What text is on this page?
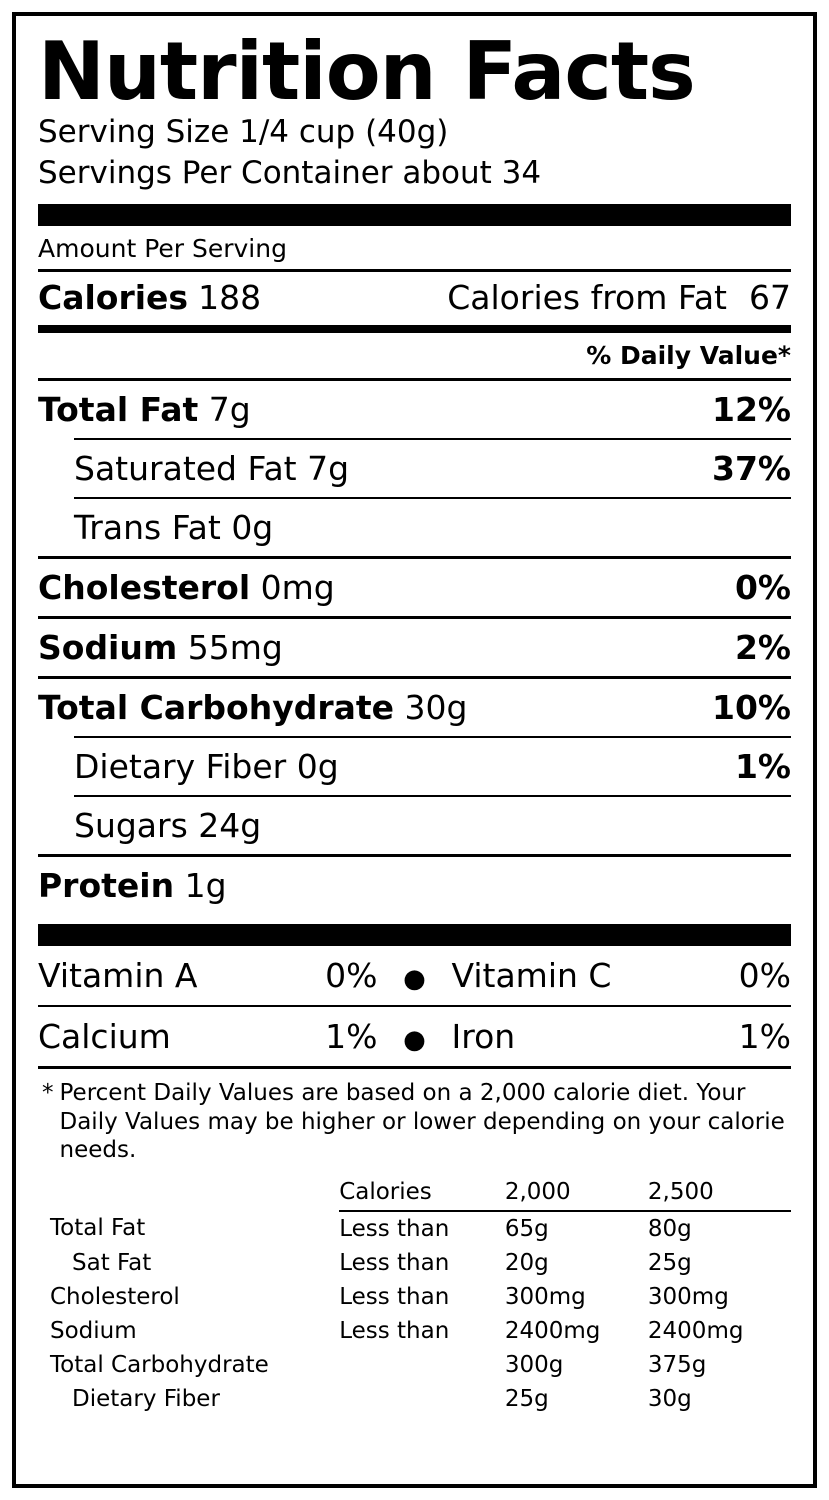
Nutrition Facts
Serving Size 1/4 cup (40g)
Servings Per Container about 34
Amount Per Serving
Calories 188	Calories from Fat 67
% Daily Value*
Total Fat 7g	12%
Saturated Fat 7g	37%
Trans Fat 0g
Cholesterol 0mg	0%
Sodium 55mg	2%
Total Carbohydrate 30g	10%
Dietary Fiber 0g	1%
Sugars 24g
Protein 1g
Vitamin A	0% ● Vitamin C	0%
Calcium	1% ● Iron	1%
* Percent Daily Values are based on a 2,000 calorie diet. Your Daily Values may be higher or lower depending on your calorie needs.
	Calories	2,000	2,500
Total Fat	Less than	65g	80g
Sat Fat	Less than	20g	25g
Cholesterol	Less than	300mg	300mg
Sodium	Less than	2400mg	2400mg
Total Carbohydrate		300g	375g
Dietary Fiber		25g	30g
